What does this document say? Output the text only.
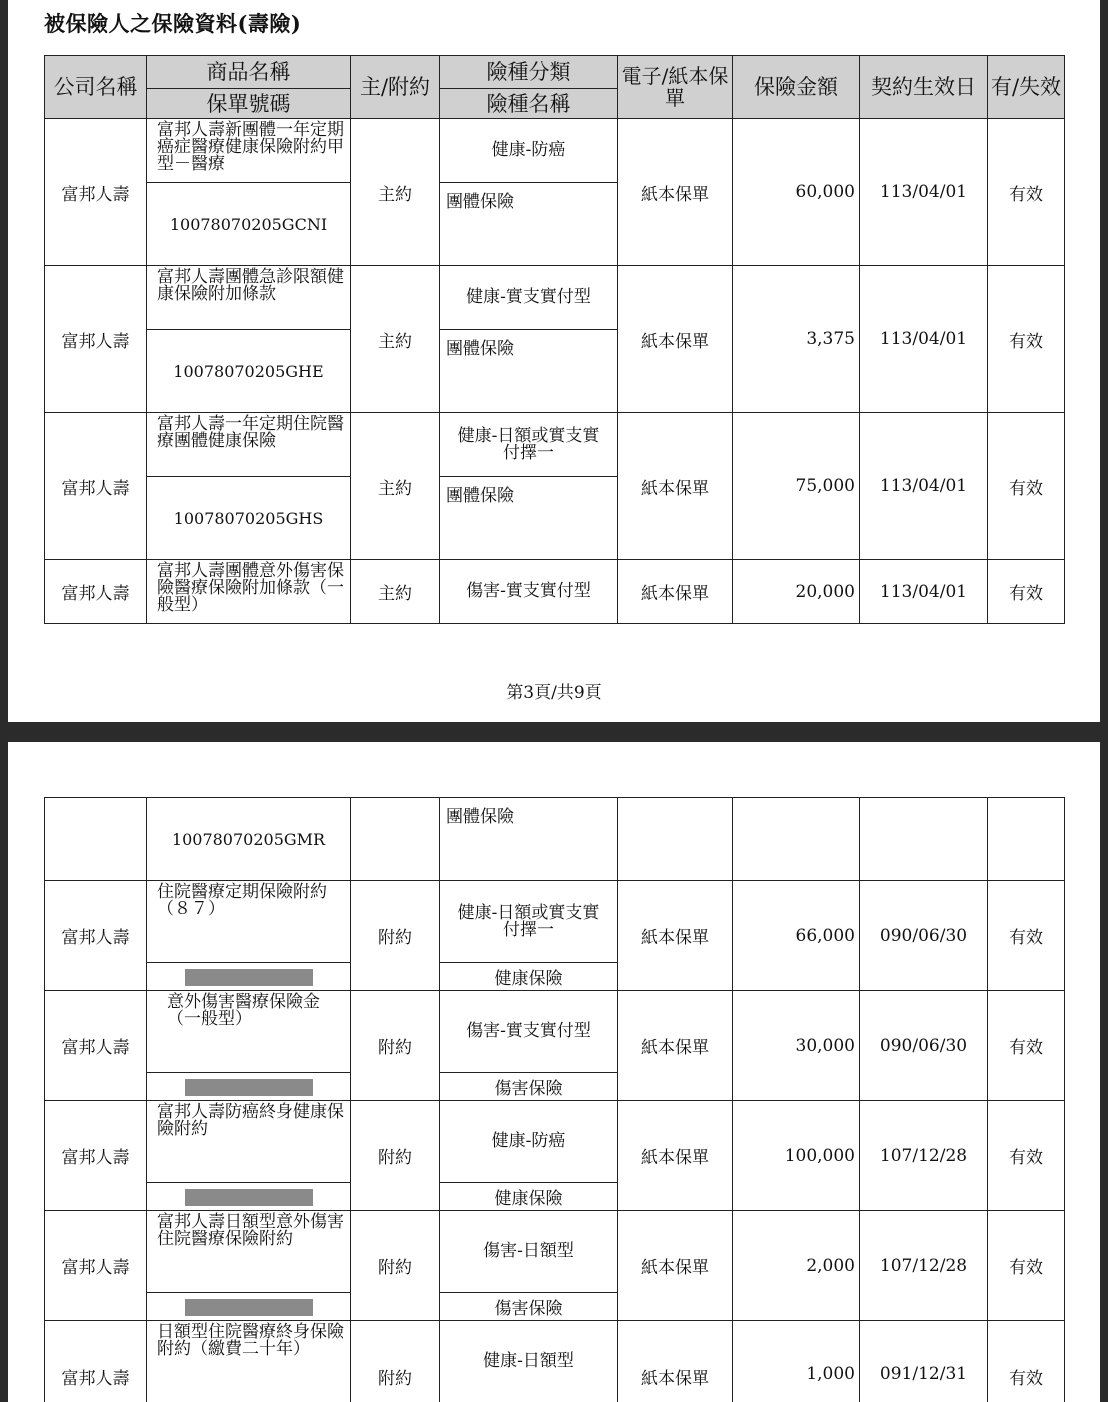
被保險人之保險資料(壽險)
公司名稱	商品名稱	主/附約	險種分類	電子/紙本保單	保險金額	契約生效日	有/失效
	保單號碼		險種名稱				
富邦人壽	富邦人壽新團體一年定期癌症醫療健康保險附約甲型－醫療	主約	健康-防癌	紙本保單	60,000	113/04/01	有效
	10078070205GCNI		團體保險				
富邦人壽	富邦人壽團體急診限額健康保險附加條款	主約	健康-實支實付型	紙本保單	3,375	113/04/01	有效
	10078070205GHE		團體保險				
富邦人壽	富邦人壽一年定期住院醫療團體健康保險	主約	健康-日額或實支實付擇一	紙本保單	75,000	113/04/01	有效
	10078070205GHS		團體保險				
富邦人壽	富邦人壽團體意外傷害保險醫療保險附加條款（一般型）	主約	傷害-實支實付型	紙本保單	20,000	113/04/01	有效
第3頁/共9頁
	10078070205GMR		團體保險				
富邦人壽	住院醫療定期保險附約（８７）	附約	健康-日額或實支實付擇一	紙本保單	66,000	090/06/30	有效
			健康保險				
富邦人壽	意外傷害醫療保險金（一般型）	附約	傷害-實支實付型	紙本保單	30,000	090/06/30	有效
			傷害保險				
富邦人壽	富邦人壽防癌終身健康保險附約	附約	健康-防癌	紙本保單	100,000	107/12/28	有效
			健康保險				
富邦人壽	富邦人壽日額型意外傷害住院醫療保險附約	附約	傷害-日額型	紙本保單	2,000	107/12/28	有效
			傷害保險				
富邦人壽	日額型住院醫療終身保險附約（繳費二十年）	附約	健康-日額型	紙本保單	1,000	091/12/31	有效
